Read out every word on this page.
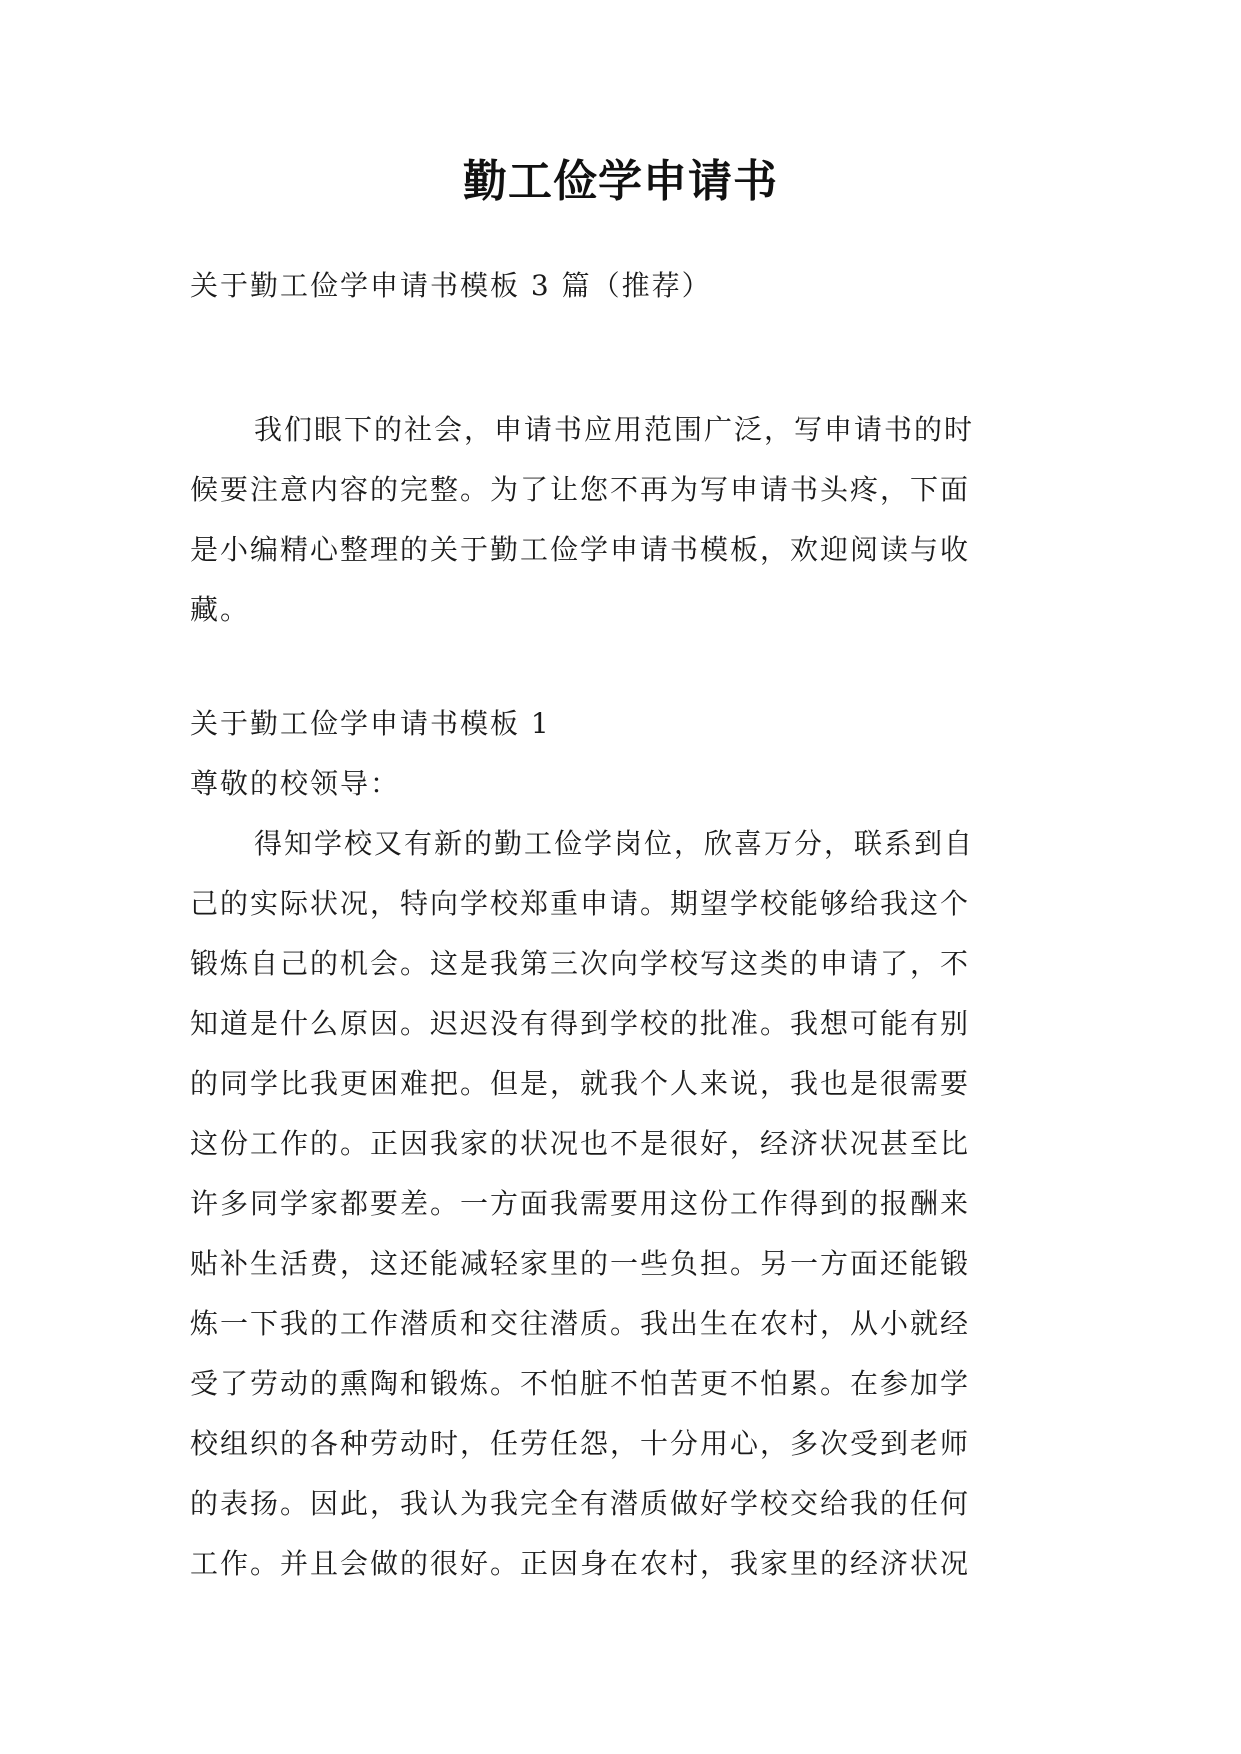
勤工俭学申请书

关于勤工俭学申请书模板 3 篇（推荐）

我们眼下的社会，申请书应用范围广泛，写申请书的时
候要注意内容的完整。为了让您不再为写申请书头疼，下面
是小编精心整理的关于勤工俭学申请书模板，欢迎阅读与收
藏。

关于勤工俭学申请书模板 1

尊敬的校领导：

得知学校又有新的勤工俭学岗位，欣喜万分，联系到自
己的实际状况，特向学校郑重申请。期望学校能够给我这个
锻炼自己的机会。这是我第三次向学校写这类的申请了，不
知道是什么原因。迟迟没有得到学校的批准。我想可能有别
的同学比我更困难把。但是，就我个人来说，我也是很需要
这份工作的。正因我家的状况也不是很好，经济状况甚至比
许多同学家都要差。一方面我需要用这份工作得到的报酬来
贴补生活费，这还能减轻家里的一些负担。另一方面还能锻
炼一下我的工作潜质和交往潜质。我出生在农村，从小就经
受了劳动的熏陶和锻炼。不怕脏不怕苦更不怕累。在参加学
校组织的各种劳动时，任劳任怨，十分用心，多次受到老师
的表扬。因此，我认为我完全有潜质做好学校交给我的任何
工作。并且会做的很好。正因身在农村，我家里的经济状况
